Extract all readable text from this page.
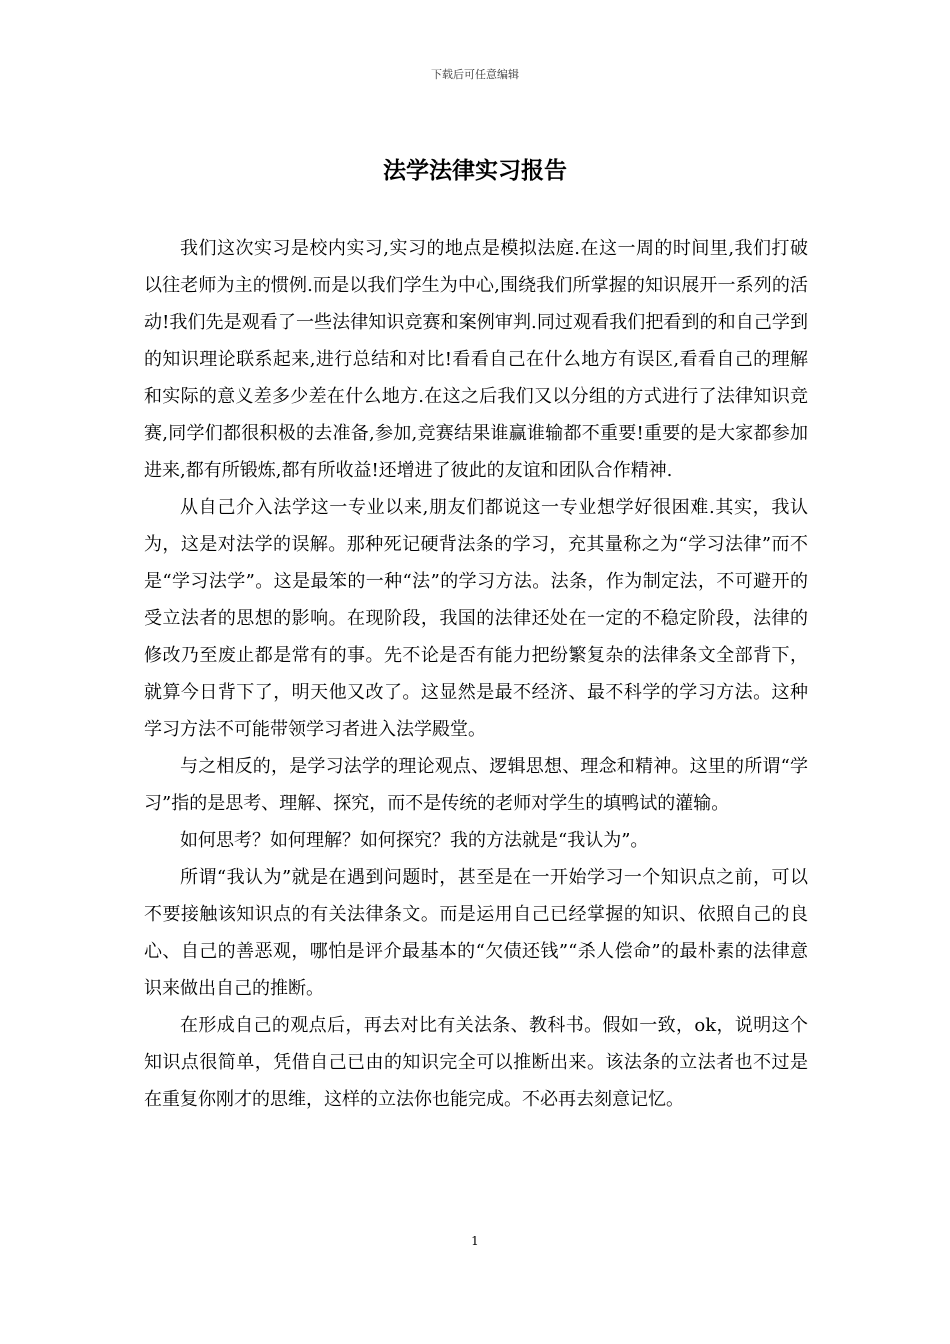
下载后可任意编辑
法学法律实习报告

我们这次实习是校内实习,实习的地点是模拟法庭.在这一周的时间里,我们打破以往老师为主的惯例.而是以我们学生为中心,围绕我们所掌握的知识展开一系列的活动!我们先是观看了一些法律知识竞赛和案例审判.同过观看我们把看到的和自己学到的知识理论联系起来,进行总结和对比!看看自己在什么地方有误区,看看自己的理解和实际的意义差多少差在什么地方.在这之后我们又以分组的方式进行了法律知识竞赛,同学们都很积极的去准备,参加,竞赛结果谁赢谁输都不重要!重要的是大家都参加进来,都有所锻炼,都有所收益!还增进了彼此的友谊和团队合作精神.

从自己介入法学这一专业以来,朋友们都说这一专业想学好很困难.其实，我认为，这是对法学的误解。那种死记硬背法条的学习，充其量称之为“学习法律”而不是“学习法学”。这是最笨的一种“法”的学习方法。法条，作为制定法，不可避开的受立法者的思想的影响。在现阶段，我国的法律还处在一定的不稳定阶段，法律的修改乃至废止都是常有的事。先不论是否有能力把纷繁复杂的法律条文全部背下，就算今日背下了，明天他又改了。这显然是最不经济、最不科学的学习方法。这种学习方法不可能带领学习者进入法学殿堂。

与之相反的，是学习法学的理论观点、逻辑思想、理念和精神。这里的所谓“学习”指的是思考、理解、探究，而不是传统的老师对学生的填鸭试的灌输。

如何思考？如何理解？如何探究？我的方法就是“我认为”。

所谓“我认为”就是在遇到问题时，甚至是在一开始学习一个知识点之前，可以不要接触该知识点的有关法律条文。而是运用自己已经掌握的知识、依照自己的良心、自己的善恶观，哪怕是评介最基本的“欠债还钱”“杀人偿命”的最朴素的法律意识来做出自己的推断。

在形成自己的观点后，再去对比有关法条、教科书。假如一致，ok，说明这个知识点很简单，凭借自己已由的知识完全可以推断出来。该法条的立法者也不过是在重复你刚才的思维，这样的立法你也能完成。不必再去刻意记忆。

1
